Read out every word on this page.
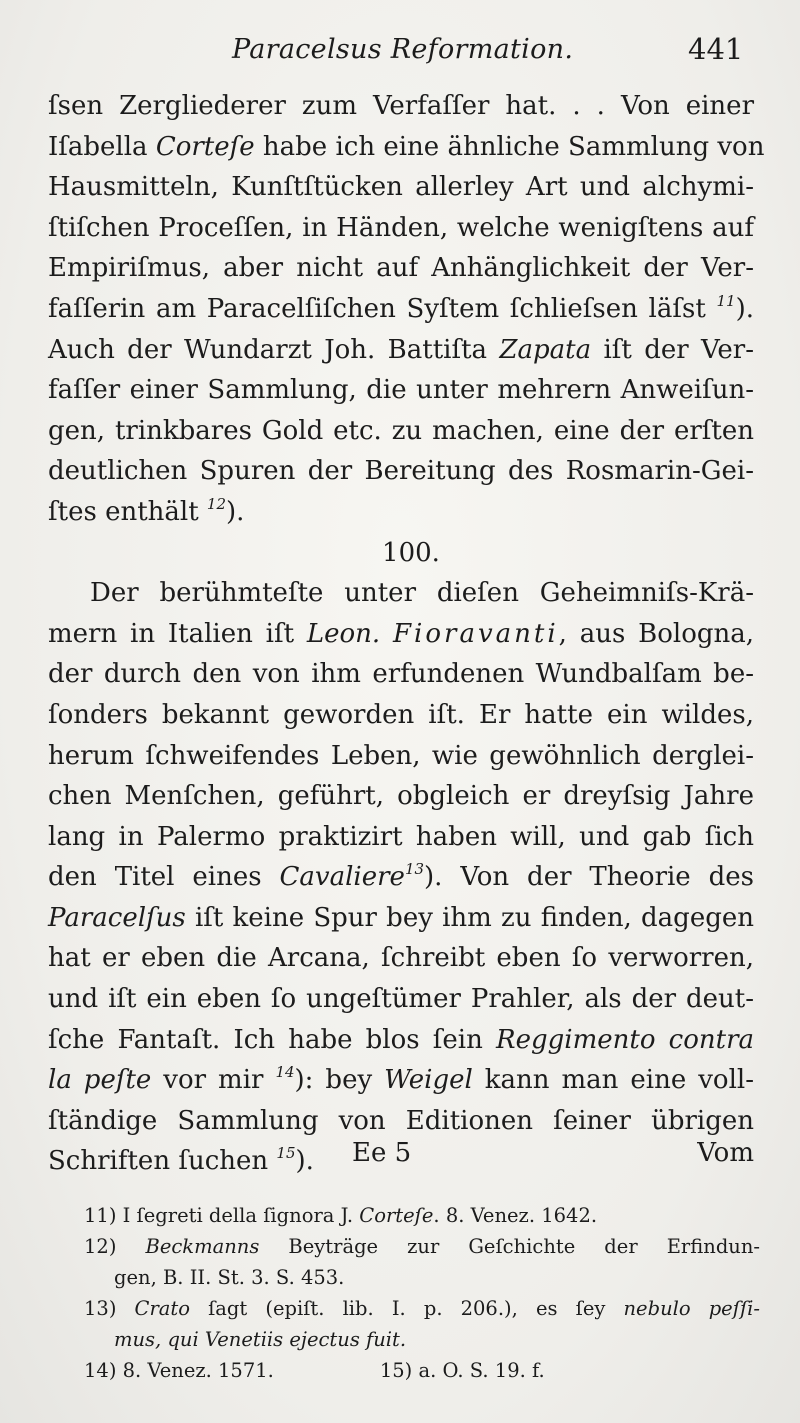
Paracelsus Reformation.	441
ſsen Zergliederer zum Verfaſſer hat. . . Von einer
Iſabella Corteſe habe ich eine ähnliche Sammlung von
Hausmitteln, Kunſtſtücken allerley Art und alchymi-
ſtiſchen Proceſſen, in Händen, welche wenigſtens auf
Empiriſmus, aber nicht auf Anhänglichkeit der Ver-
faſſerin am Paracelſiſchen Syſtem ſchlieſsen läſst $^{11}$).
Auch der Wundarzt Joh. Battiſta Zapata iſt der Ver-
faſſer einer Sammlung, die unter mehrern Anweiſun-
gen, trinkbares Gold etc. zu machen, eine der erſten
deutlichen Spuren der Bereitung des Rosmarin-Gei-
ſtes enthält $^{12}$).
100.
Der berühmteſte unter dieſen Geheimniſs-Krä-
mern in Italien iſt Leon. Fioravanti, aus Bologna,
der durch den von ihm erfundenen Wundbalſam be-
ſonders bekannt geworden iſt. Er hatte ein wildes,
herum ſchweifendes Leben, wie gewöhnlich derglei-
chen Menſchen, geführt, obgleich er dreyſsig Jahre
lang in Palermo praktizirt haben will, und gab ſich
den Titel eines Cavaliere$^{13}$). Von der Theorie des
Paracelſus iſt keine Spur bey ihm zu finden, dagegen
hat er eben die Arcana, ſchreibt eben ſo verworren,
und iſt ein eben ſo ungeſtümer Prahler, als der deut-
ſche Fantaſt. Ich habe blos ſein Reggimento contra
la peſte vor mir $^{14}$): bey Weigel kann man eine voll-
ſtändige Sammlung von Editionen ſeiner übrigen
Schriften ſuchen $^{15}$).	Ee 5	Vom
11) I ſegreti della ſignora J. Corteſe. 8. Venez. 1642.
12) Beckmanns Beyträge zur Geſchichte der Erfindun-
gen, B. II. St. 3. S. 453.
13) Crato ſagt (epiſt. lib. I. p. 206.), es ſey nebulo peſſi-
mus, qui Venetiis ejectus fuit.
14) 8. Venez. 1571.	15) a. O. S. 19. f.
